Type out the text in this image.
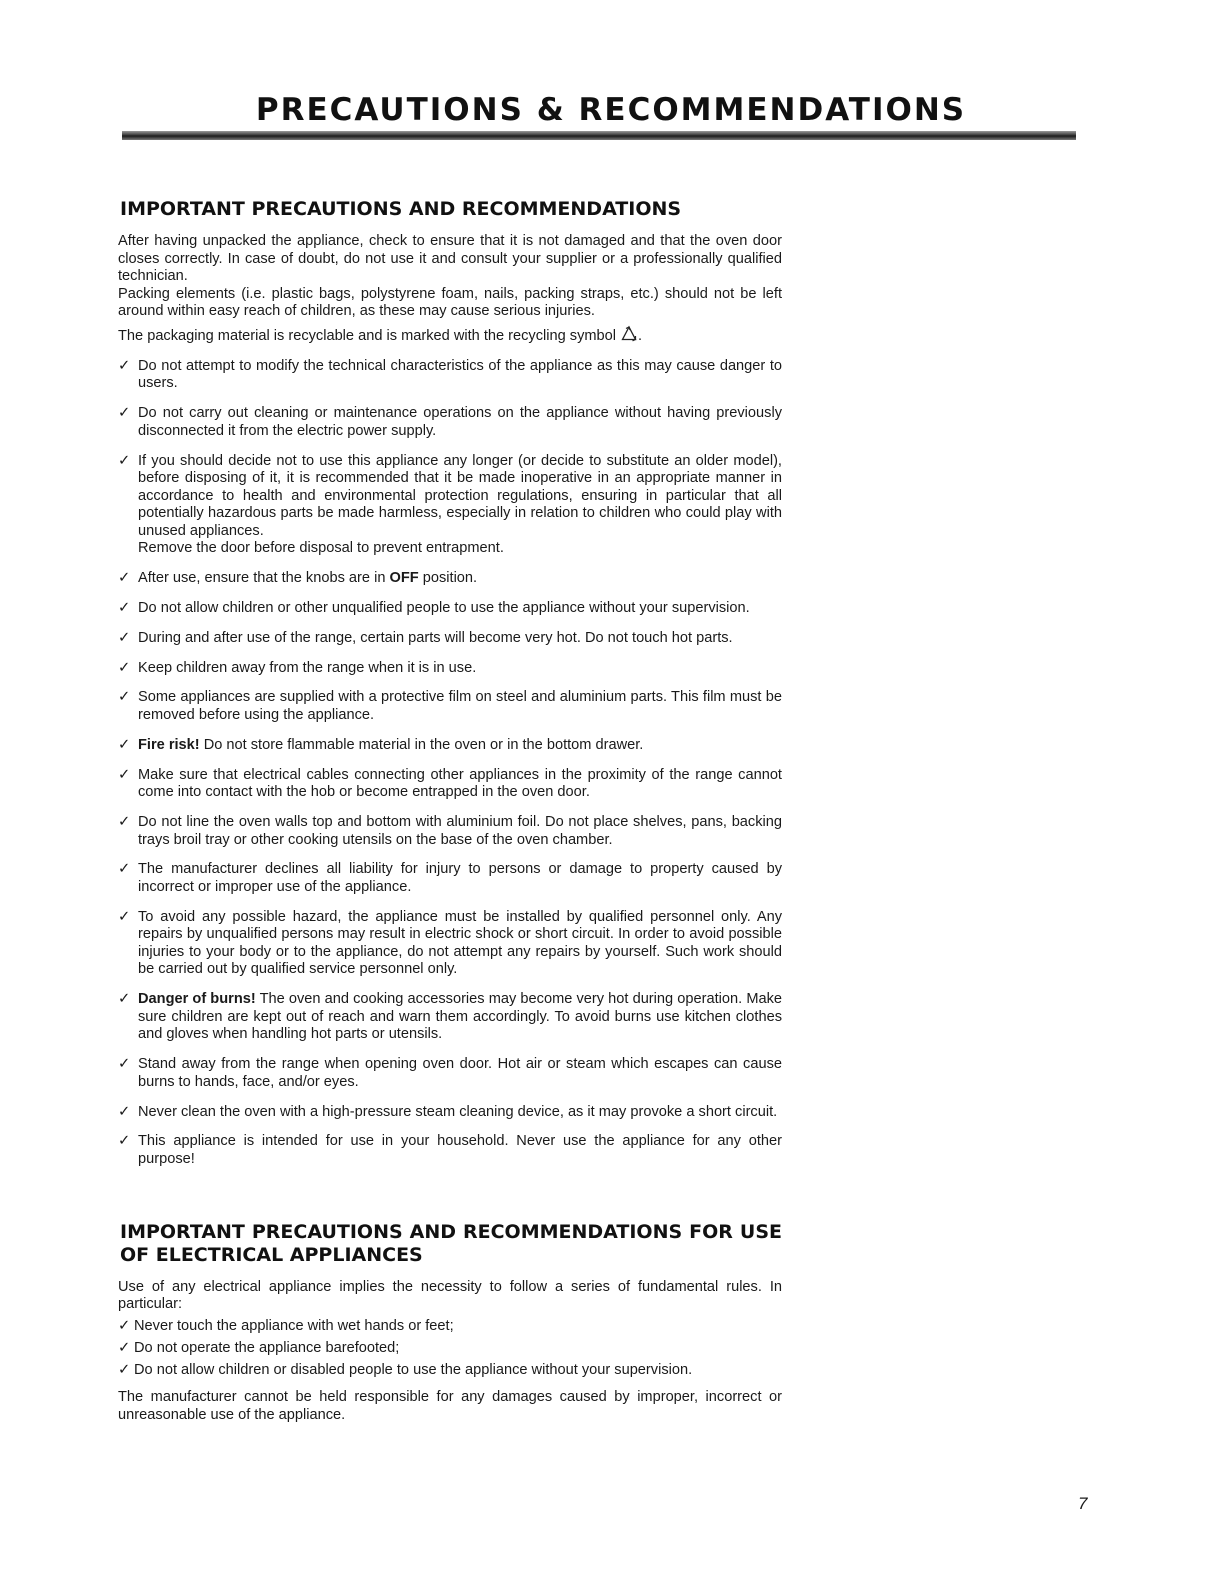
PRECAUTIONS & RECOMMENDATIONS
IMPORTANT PRECAUTIONS AND RECOMMENDATIONS

After having unpacked the appliance, check to ensure that it is not damaged and that the oven door closes correctly. In case of doubt, do not use it and consult your supplier or a professionally qualified technician.

Packing elements (i.e. plastic bags, polystyrene foam, nails, packing straps, etc.) should not be left around within easy reach of children, as these may cause serious injuries.

The packaging material is recyclable and is marked with the recycling symbol .

✓ Do not attempt to modify the technical characteristics of the appliance as this may cause danger to users.
✓ Do not carry out cleaning or maintenance operations on the appliance without having previously disconnected it from the electric power supply.
✓ If you should decide not to use this appliance any longer (or decide to substitute an older model), before disposing of it, it is recommended that it be made inoperative in an appropriate manner in accordance to health and environmental protection regulations, ensuring in particular that all potentially hazardous parts be made harmless, especially in relation to children who could play with unused appliances.
Remove the door before disposal to prevent entrapment.
✓ After use, ensure that the knobs are in OFF position.
✓ Do not allow children or other unqualified people to use the appliance without your supervision.
✓ During and after use of the range, certain parts will become very hot. Do not touch hot parts.
✓ Keep children away from the range when it is in use.
✓ Some appliances are supplied with a protective film on steel and aluminium parts. This film must be removed before using the appliance.
✓ Fire risk! Do not store flammable material in the oven or in the bottom drawer.
✓ Make sure that electrical cables connecting other appliances in the proximity of the range cannot come into contact with the hob or become entrapped in the oven door.
✓ Do not line the oven walls top and bottom with aluminium foil. Do not place shelves, pans, backing trays broil tray or other cooking utensils on the base of the oven chamber.
✓ The manufacturer declines all liability for injury to persons or damage to property caused by incorrect or improper use of the appliance.
✓ To avoid any possible hazard, the appliance must be installed by qualified personnel only. Any repairs by unqualified persons may result in electric shock or short circuit. In order to avoid possible injuries to your body or to the appliance, do not attempt any repairs by yourself. Such work should be carried out by qualified service personnel only.
✓ Danger of burns! The oven and cooking accessories may become very hot during operation. Make sure children are kept out of reach and warn them accordingly. To avoid burns use kitchen clothes and gloves when handling hot parts or utensils.
✓ Stand away from the range when opening oven door. Hot air or steam which escapes can cause burns to hands, face, and/or eyes.
✓ Never clean the oven with a high-pressure steam cleaning device, as it may provoke a short circuit.
✓ This appliance is intended for use in your household. Never use the appliance for any other purpose!
IMPORTANT PRECAUTIONS AND RECOMMENDATIONS FOR USE OF ELECTRICAL APPLIANCES

Use of any electrical appliance implies the necessity to follow a series of fundamental rules. In particular:

✓ Never touch the appliance with wet hands or feet;
✓ Do not operate the appliance barefooted;
✓ Do not allow children or disabled people to use the appliance without your supervision.

The manufacturer cannot be held responsible for any damages caused by improper, incorrect or unreasonable use of the appliance.

7
